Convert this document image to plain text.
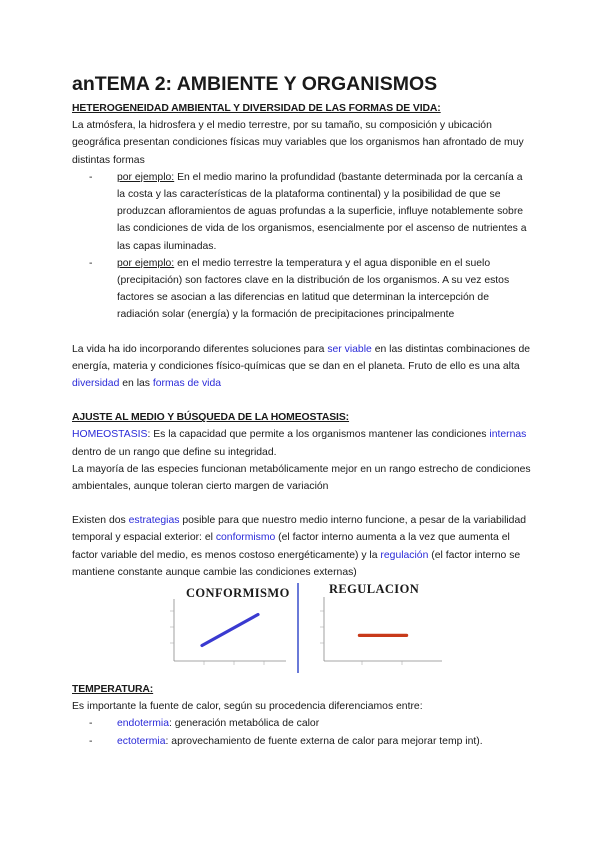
anTEMA 2: AMBIENTE Y ORGANISMOS

HETEROGENEIDAD AMBIENTAL Y DIVERSIDAD DE LAS FORMAS DE VIDA:

La atmósfera, la hidrosfera y el medio terrestre, por su tamaño, su composición y ubicación geográfica presentan condiciones físicas muy variables que los organismos han afrontado de muy distintas formas

- por ejemplo: En el medio marino la profundidad (bastante determinada por la cercanía a la costa y las características de la plataforma continental) y la posibilidad de que se produzcan afloramientos de aguas profundas a la superficie, influye notablemente sobre las condiciones de vida de los organismos, esencialmente por el ascenso de nutrientes a las capas iluminadas.
- por ejemplo: en el medio terrestre la temperatura y el agua disponible en el suelo (precipitación) son factores clave en la distribución de los organismos. A su vez estos factores se asocian a las diferencias en latitud que determinan la intercepción de radiación solar (energía) y la formación de precipitaciones principalmente

La vida ha ido incorporando diferentes soluciones para ser viable en las distintas combinaciones de energía, materia y condiciones físico-químicas que se dan en el planeta. Fruto de ello es una alta diversidad en las formas de vida

AJUSTE AL MEDIO Y BÚSQUEDA DE LA HOMEOSTASIS:

HOMEOSTASIS: Es la capacidad que permite a los organismos mantener las condiciones internas dentro de un rango que define su integridad.

La mayoría de las especies funcionan metabólicamente mejor en un rango estrecho de condiciones ambientales, aunque toleran cierto margen de variación

Existen dos estrategias posible para que nuestro medio interno funcione, a pesar de la variabilidad temporal y espacial exterior: el conformismo (el factor interno aumenta a la vez que aumenta el factor variable del medio, es menos costoso energéticamente) y la regulación (el factor interno se mantiene constante aunque cambie las condiciones externas)

CONFORMISMO	REGULACION

TEMPERATURA:

Es importante la fuente de calor, según su procedencia diferenciamos entre:

- endotermia: generación metabólica de calor
- ectotermia: aprovechamiento de fuente externa de calor para mejorar temp int).
